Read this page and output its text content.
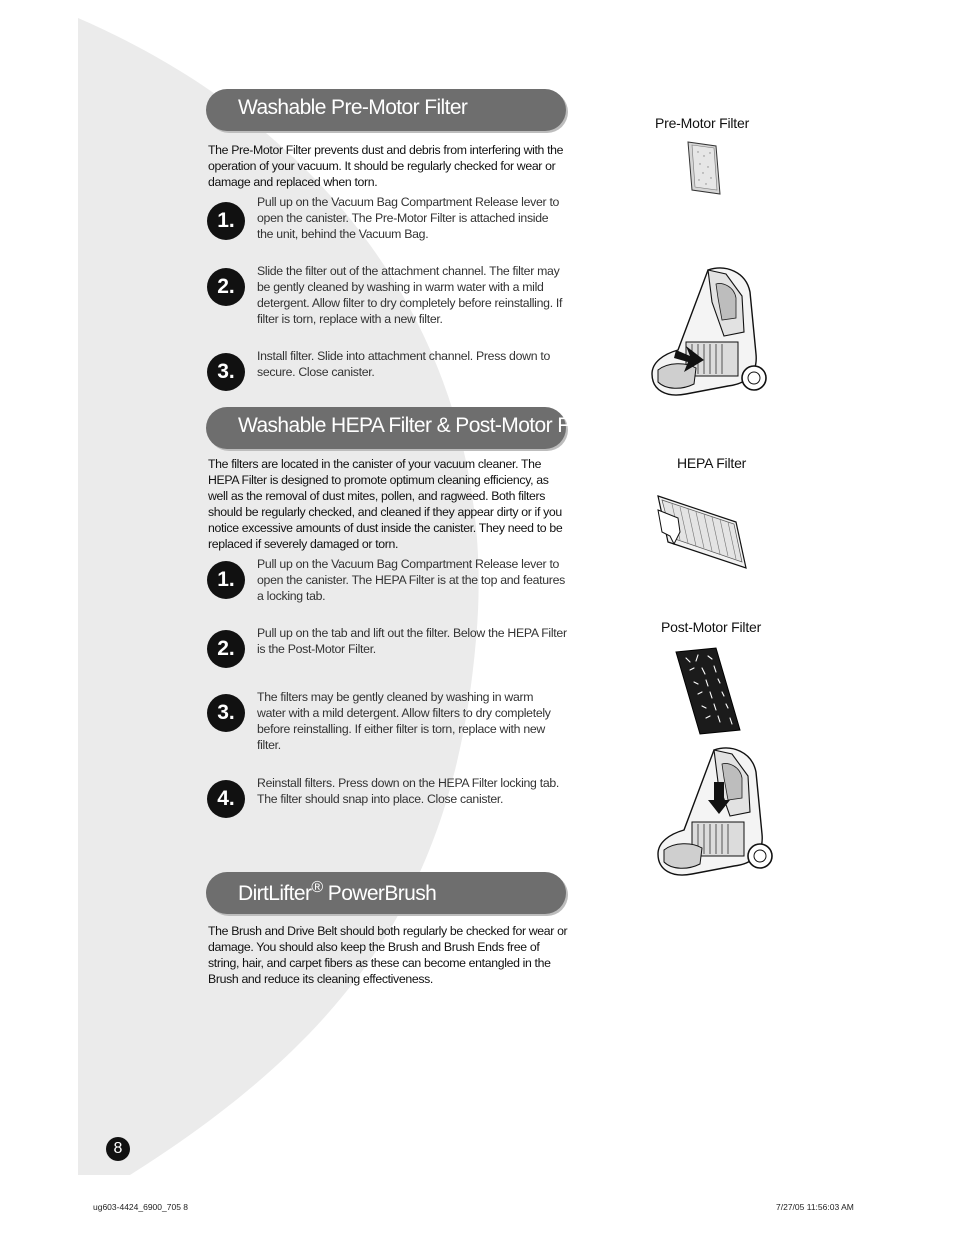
Washable Pre-Motor Filter
The Pre-Motor Filter prevents dust and debris from interfering with the operation of your vacuum. It should be regularly checked for wear or damage and replaced when torn.
1.
Pull up on the Vacuum Bag Compartment Release lever to open the canister. The Pre-Motor Filter is attached inside the unit, behind the Vacuum Bag.
2.
Slide the filter out of the attachment channel. The filter may be gently cleaned by washing in warm water with a mild detergent. Allow filter to dry completely before reinstalling. If filter is torn, replace with a new filter.
3.
Install filter. Slide into attachment channel. Press down to secure. Close canister.
Washable HEPA Filter & Post-Motor Filter
The filters are located in the canister of your vacuum cleaner. The HEPA Filter is designed to promote optimum cleaning efficiency, as well as the removal of dust mites, pollen, and ragweed. Both filters should be regularly checked, and cleaned if they appear dirty or if you notice excessive amounts of dust inside the canister. They need to be replaced if severely damaged or torn.
1.
Pull up on the Vacuum Bag Compartment Release lever to open the canister. The HEPA Filter is at the top and features a locking tab.
2.
Pull up on the tab and lift out the filter. Below the HEPA Filter is the Post-Motor Filter.
3.
The filters may be gently cleaned by washing in warm water with a mild detergent. Allow filters to dry completely before reinstalling. If either filter is torn, replace with new filter.
4.
Reinstall filters. Press down on the HEPA Filter locking tab. The filter should snap into place. Close canister.
DirtLifter® PowerBrush
The Brush and Drive Belt should both regularly be checked for wear or damage. You should also keep the Brush and Brush Ends free of string, hair, and carpet fibers as these can become entangled in the Brush and reduce its cleaning effectiveness.
Pre-Motor Filter
HEPA Filter
Post-Motor Filter
8
ug603-4424_6900_705 8	7/27/05 11:56:03 AM
